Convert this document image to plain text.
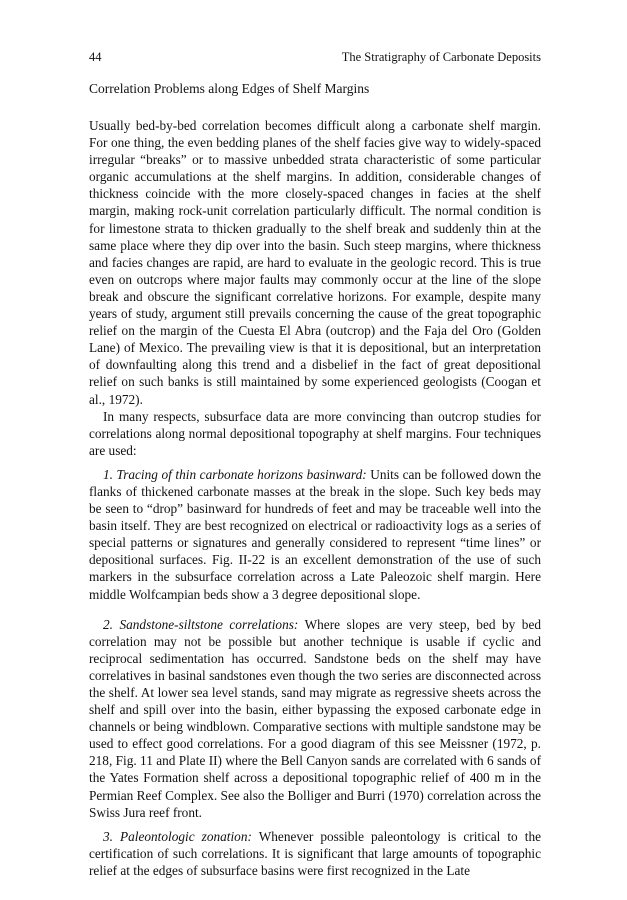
44	The Stratigraphy of Carbonate Deposits
Correlation Problems along Edges of Shelf Margins

Usually bed-by-bed correlation becomes difficult along a carbonate shelf margin. For one thing, the even bedding planes of the shelf facies give way to widely-spaced irregular “breaks” or to massive unbedded strata characteristic of some particular organic accumulations at the shelf margins. In addition, considerable changes of thickness coincide with the more closely-spaced changes in facies at the shelf margin, making rock-unit correlation particularly difficult. The normal condition is for limestone strata to thicken gradually to the shelf break and suddenly thin at the same place where they dip over into the basin. Such steep margins, where thickness and facies changes are rapid, are hard to evaluate in the geologic record. This is true even on outcrops where major faults may commonly occur at the line of the slope break and obscure the significant correlative horizons. For example, despite many years of study, argument still prevails concerning the cause of the great topographic relief on the margin of the Cuesta El Abra (outcrop) and the Faja del Oro (Golden Lane) of Mexico. The prevailing view is that it is depositional, but an interpretation of downfaulting along this trend and a disbelief in the fact of great depositional relief on such banks is still maintained by some experienced geologists (Coogan et al., 1972).

In many respects, subsurface data are more convincing than outcrop studies for correlations along normal depositional topography at shelf margins. Four techniques are used:

1. Tracing of thin carbonate horizons basinward: Units can be followed down the flanks of thickened carbonate masses at the break in the slope. Such key beds may be seen to “drop” basinward for hundreds of feet and may be traceable well into the basin itself. They are best recognized on electrical or radioactivity logs as a series of special patterns or signatures and generally considered to represent “time lines” or depositional surfaces. Fig. II-22 is an excellent demonstration of the use of such markers in the subsurface correlation across a Late Paleozoic shelf margin. Here middle Wolfcampian beds show a 3 degree depositional slope.

2. Sandstone-siltstone correlations: Where slopes are very steep, bed by bed correlation may not be possible but another technique is usable if cyclic and reciprocal sedimentation has occurred. Sandstone beds on the shelf may have correlatives in basinal sandstones even though the two series are disconnected across the shelf. At lower sea level stands, sand may migrate as regressive sheets across the shelf and spill over into the basin, either bypassing the exposed carbonate edge in channels or being windblown. Comparative sections with multiple sandstone may be used to effect good correlations. For a good diagram of this see Meissner (1972, p. 218, Fig. 11 and Plate II) where the Bell Canyon sands are correlated with 6 sands of the Yates Formation shelf across a depositional topographic relief of 400 m in the Permian Reef Complex. See also the Bolliger and Burri (1970) correlation across the Swiss Jura reef front.

3. Paleontologic zonation: Whenever possible paleontology is critical to the certification of such correlations. It is significant that large amounts of topographic relief at the edges of subsurface basins were first recognized in the Late
